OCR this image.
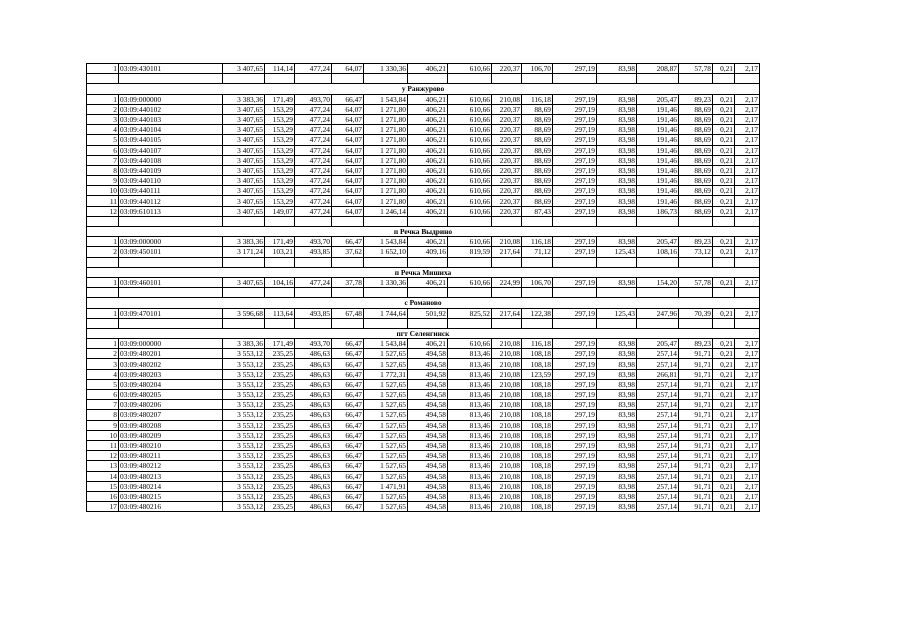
1	03:09:430101	3 407,65	114,14	477,24	64,07	1 330,36	406,21	610,66	220,37	106,70	297,19	83,98	208,87	57,78	0,21	2,17

у Ранжурово																
1	03:09:000000	3 383,36	171,49	493,70	66,47	1 543,84	406,21	610,66	210,08	116,18	297,19	83,98	205,47	89,23	0,21	2,17
2	03:09:440102	3 407,65	153,29	477,24	64,07	1 271,80	406,21	610,66	220,37	88,69	297,19	83,98	191,46	88,69	0,21	2,17
3	03:09:440103	3 407,65	153,29	477,24	64,07	1 271,80	406,21	610,66	220,37	88,69	297,19	83,98	191,46	88,69	0,21	2,17
4	03:09:440104	3 407,65	153,29	477,24	64,07	1 271,80	406,21	610,66	220,37	88,69	297,19	83,98	191,46	88,69	0,21	2,17
5	03:09:440105	3 407,65	153,29	477,24	64,07	1 271,80	406,21	610,66	220,37	88,69	297,19	83,98	191,46	88,69	0,21	2,17
6	03:09:440107	3 407,65	153,29	477,24	64,07	1 271,80	406,21	610,66	220,37	88,69	297,19	83,98	191,46	88,69	0,21	2,17
7	03:09:440108	3 407,65	153,29	477,24	64,07	1 271,80	406,21	610,66	220,37	88,69	297,19	83,98	191,46	88,69	0,21	2,17
8	03:09:440109	3 407,65	153,29	477,24	64,07	1 271,80	406,21	610,66	220,37	88,69	297,19	83,98	191,46	88,69	0,21	2,17
9	03:09:440110	3 407,65	153,29	477,24	64,07	1 271,80	406,21	610,66	220,37	88,69	297,19	83,98	191,46	88,69	0,21	2,17
10	03:09:440111	3 407,65	153,29	477,24	64,07	1 271,80	406,21	610,66	220,37	88,69	297,19	83,98	191,46	88,69	0,21	2,17
11	03:09:440112	3 407,65	153,29	477,24	64,07	1 271,80	406,21	610,66	220,37	88,69	297,19	83,98	191,46	88,69	0,21	2,17
12	03:09:610113	3 407,65	149,07	477,24	64,07	1 246,14	406,21	610,66	220,37	87,43	297,19	83,98	186,73	88,69	0,21	2,17

п Речка Выдрино																
1	03:09:000000	3 383,36	171,49	493,70	66,47	1 543,84	406,21	610,66	210,08	116,18	297,19	83,98	205,47	89,23	0,21	2,17
2	03:09:450101	3 171,24	103,21	493,85	37,62	1 652,10	409,16	819,59	217,64	71,12	297,19	125,43	108,16	73,12	0,21	2,17

п Речка Мишиха																
1	03:09:460101	3 407,65	104,16	477,24	37,78	1 330,36	406,21	610,66	224,99	106,70	297,19	83,98	154,20	57,78	0,21	2,17

с Романово																
1	03:09:470101	3 596,68	113,64	493,85	67,48	1 744,64	501,92	825,52	217,64	122,38	297,19	125,43	247,96	70,39	0,21	2,17

пгт Селенгинск																
1	03:09:000000	3 383,36	171,49	493,70	66,47	1 543,84	406,21	610,66	210,08	116,18	297,19	83,98	205,47	89,23	0,21	2,17
2	03:09:480201	3 553,12	235,25	486,63	66,47	1 527,65	494,58	813,46	210,08	108,18	297,19	83,98	257,14	91,71	0,21	2,17
3	03:09:480202	3 553,12	235,25	486,63	66,47	1 527,65	494,58	813,46	210,08	108,18	297,19	83,98	257,14	91,71	0,21	2,17
4	03:09:480203	3 553,12	235,25	486,63	66,47	1 772,31	494,58	813,46	210,08	123,59	297,19	83,98	266,81	91,71	0,21	2,17
5	03:09:480204	3 553,12	235,25	486,63	66,47	1 527,65	494,58	813,46	210,08	108,18	297,19	83,98	257,14	91,71	0,21	2,17
6	03:09:480205	3 553,12	235,25	486,63	66,47	1 527,65	494,58	813,46	210,08	108,18	297,19	83,98	257,14	91,71	0,21	2,17
7	03:09:480206	3 553,12	235,25	486,63	66,47	1 527,65	494,58	813,46	210,08	108,18	297,19	83,98	257,14	91,71	0,21	2,17
8	03:09:480207	3 553,12	235,25	486,63	66,47	1 527,65	494,58	813,46	210,08	108,18	297,19	83,98	257,14	91,71	0,21	2,17
9	03:09:480208	3 553,12	235,25	486,63	66,47	1 527,65	494,58	813,46	210,08	108,18	297,19	83,98	257,14	91,71	0,21	2,17
10	03:09:480209	3 553,12	235,25	486,63	66,47	1 527,65	494,58	813,46	210,08	108,18	297,19	83,98	257,14	91,71	0,21	2,17
11	03:09:480210	3 553,12	235,25	486,63	66,47	1 527,65	494,58	813,46	210,08	108,18	297,19	83,98	257,14	91,71	0,21	2,17
12	03:09:480211	3 553,12	235,25	486,63	66,47	1 527,65	494,58	813,46	210,08	108,18	297,19	83,98	257,14	91,71	0,21	2,17
13	03:09:480212	3 553,12	235,25	486,63	66,47	1 527,65	494,58	813,46	210,08	108,18	297,19	83,98	257,14	91,71	0,21	2,17
14	03:09:480213	3 553,12	235,25	486,63	66,47	1 527,65	494,58	813,46	210,08	108,18	297,19	83,98	257,14	91,71	0,21	2,17
15	03:09:480214	3 553,12	235,25	486,63	66,47	1 471,91	494,58	813,46	210,08	108,18	297,19	83,98	257,14	91,71	0,21	2,17
16	03:09:480215	3 553,12	235,25	486,63	66,47	1 527,65	494,58	813,46	210,08	108,18	297,19	83,98	257,14	91,71	0,21	2,17
17	03:09:480216	3 553,12	235,25	486,63	66,47	1 527,65	494,58	813,46	210,08	108,18	297,19	83,98	257,14	91,71	0,21	2,17
